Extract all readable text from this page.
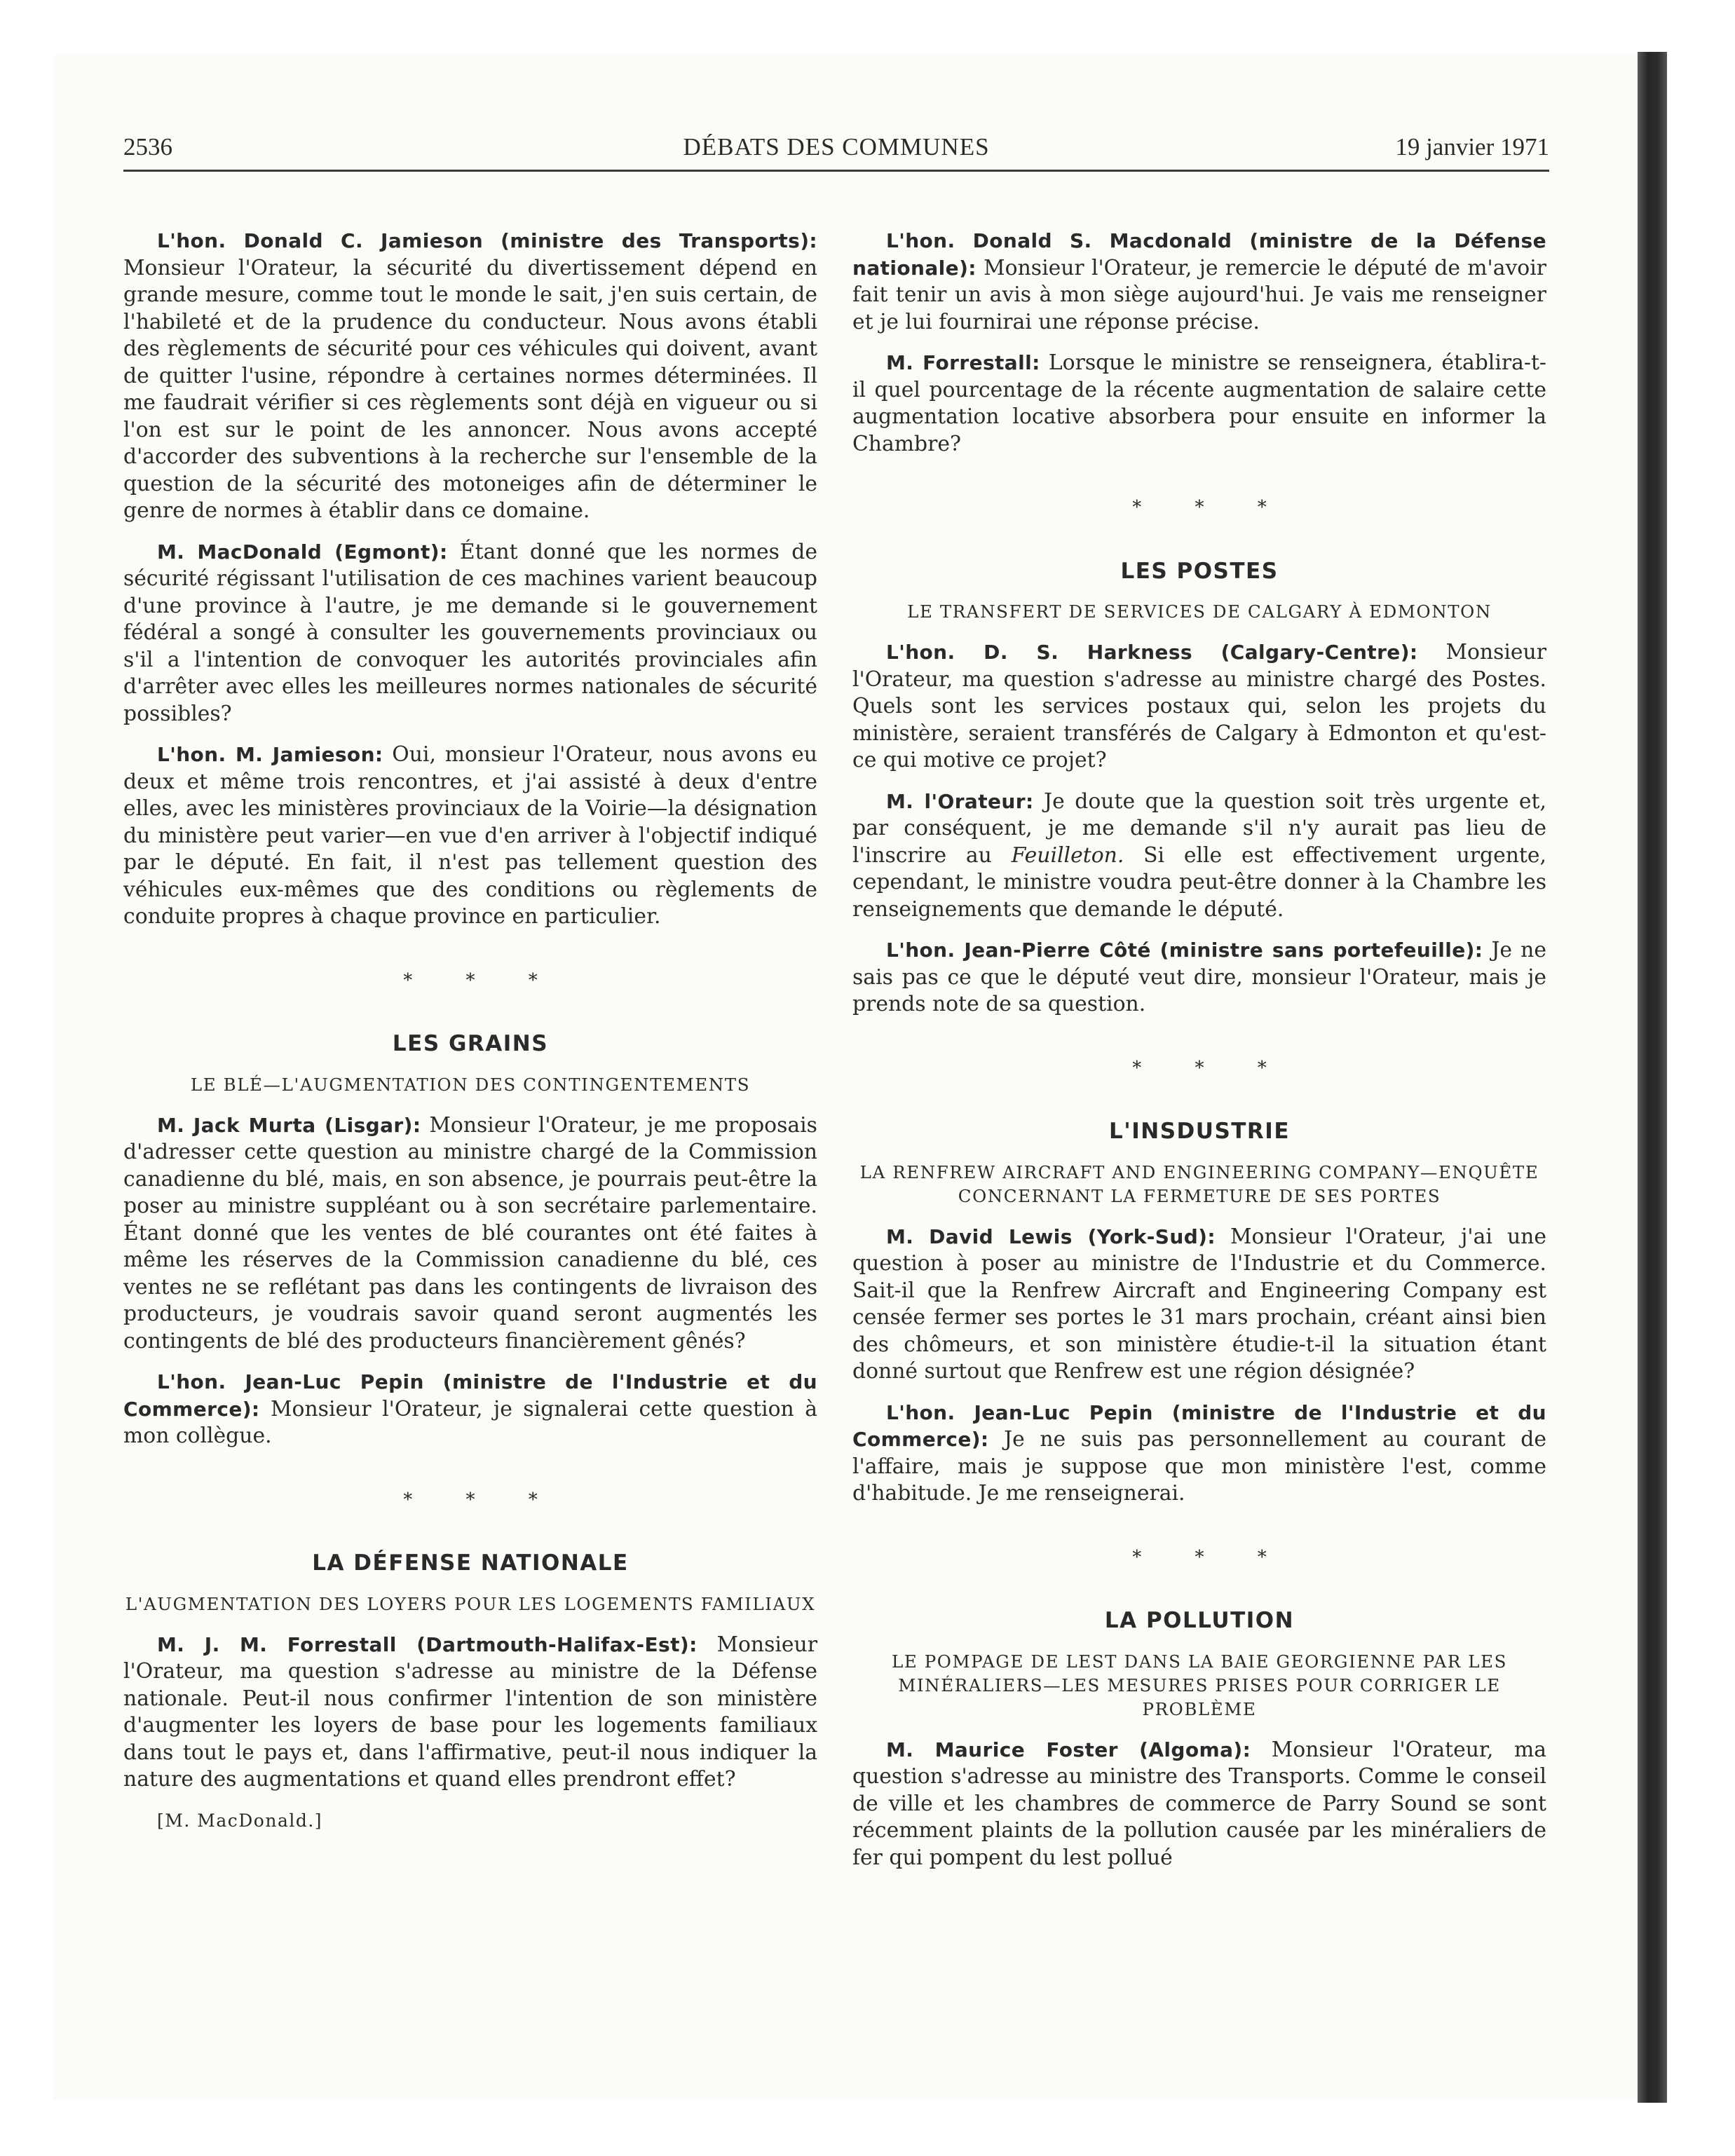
2536	DÉBATS DES COMMUNES	19 janvier 1971

L'hon. Donald C. Jamieson (ministre des Transports): Monsieur l'Orateur, la sécurité du divertissement dépend en grande mesure, comme tout le monde le sait, j'en suis certain, de l'habileté et de la prudence du conducteur. Nous avons établi des règlements de sécurité pour ces véhicules qui doivent, avant de quitter l'usine, répondre à certaines normes déterminées. Il me faudrait vérifier si ces règlements sont déjà en vigueur ou si l'on est sur le point de les annoncer. Nous avons accepté d'accorder des subventions à la recherche sur l'ensemble de la question de la sécurité des motoneiges afin de déterminer le genre de normes à établir dans ce domaine.

M. MacDonald (Egmont): Étant donné que les normes de sécurité régissant l'utilisation de ces machines varient beaucoup d'une province à l'autre, je me demande si le gouvernement fédéral a songé à consulter les gouvernements provinciaux ou s'il a l'intention de convoquer les autorités provinciales afin d'arrêter avec elles les meilleures normes nationales de sécurité possibles?

L'hon. M. Jamieson: Oui, monsieur l'Orateur, nous avons eu deux et même trois rencontres, et j'ai assisté à deux d'entre elles, avec les ministères provinciaux de la Voirie—la désignation du ministère peut varier—en vue d'en arriver à l'objectif indiqué par le député. En fait, il n'est pas tellement question des véhicules eux-mêmes que des conditions ou règlements de conduite propres à chaque province en particulier.

* * *
LES GRAINS
LE BLÉ—L'AUGMENTATION DES CONTINGENTEMENTS

M. Jack Murta (Lisgar): Monsieur l'Orateur, je me proposais d'adresser cette question au ministre chargé de la Commission canadienne du blé, mais, en son absence, je pourrais peut-être la poser au ministre suppléant ou à son secrétaire parlementaire. Étant donné que les ventes de blé courantes ont été faites à même les réserves de la Commission canadienne du blé, ces ventes ne se reflétant pas dans les contingents de livraison des producteurs, je voudrais savoir quand seront augmentés les contingents de blé des producteurs financièrement gênés?

L'hon. Jean-Luc Pepin (ministre de l'Industrie et du Commerce): Monsieur l'Orateur, je signalerai cette question à mon collègue.

* * *
LA DÉFENSE NATIONALE
L'AUGMENTATION DES LOYERS POUR LES LOGEMENTS FAMILIAUX

M. J. M. Forrestall (Dartmouth-Halifax-Est): Monsieur l'Orateur, ma question s'adresse au ministre de la Défense nationale. Peut-il nous confirmer l'intention de son ministère d'augmenter les loyers de base pour les logements familiaux dans tout le pays et, dans l'affirmative, peut-il nous indiquer la nature des augmentations et quand elles prendront effet?

[M. MacDonald.]

L'hon. Donald S. Macdonald (ministre de la Défense nationale): Monsieur l'Orateur, je remercie le député de m'avoir fait tenir un avis à mon siège aujourd'hui. Je vais me renseigner et je lui fournirai une réponse précise.

M. Forrestall: Lorsque le ministre se renseignera, établira-t-il quel pourcentage de la récente augmentation de salaire cette augmentation locative absorbera pour ensuite en informer la Chambre?

* * *
LES POSTES
LE TRANSFERT DE SERVICES DE CALGARY À EDMONTON

L'hon. D. S. Harkness (Calgary-Centre): Monsieur l'Orateur, ma question s'adresse au ministre chargé des Postes. Quels sont les services postaux qui, selon les projets du ministère, seraient transférés de Calgary à Edmonton et qu'est-ce qui motive ce projet?

M. l'Orateur: Je doute que la question soit très urgente et, par conséquent, je me demande s'il n'y aurait pas lieu de l'inscrire au Feuilleton. Si elle est effectivement urgente, cependant, le ministre voudra peut-être donner à la Chambre les renseignements que demande le député.

L'hon. Jean-Pierre Côté (ministre sans portefeuille): Je ne sais pas ce que le député veut dire, monsieur l'Orateur, mais je prends note de sa question.

* * *
L'INSDUSTRIE
LA RENFREW AIRCRAFT AND ENGINEERING COMPANY—ENQUÊTE CONCERNANT LA FERMETURE DE SES PORTES

M. David Lewis (York-Sud): Monsieur l'Orateur, j'ai une question à poser au ministre de l'Industrie et du Commerce. Sait-il que la Renfrew Aircraft and Engineering Company est censée fermer ses portes le 31 mars prochain, créant ainsi bien des chômeurs, et son ministère étudie-t-il la situation étant donné surtout que Renfrew est une région désignée?

L'hon. Jean-Luc Pepin (ministre de l'Industrie et du Commerce): Je ne suis pas personnellement au courant de l'affaire, mais je suppose que mon ministère l'est, comme d'habitude. Je me renseignerai.

* * *
LA POLLUTION
LE POMPAGE DE LEST DANS LA BAIE GEORGIENNE PAR LES MINÉRALIERS—LES MESURES PRISES POUR CORRIGER LE PROBLÈME

M. Maurice Foster (Algoma): Monsieur l'Orateur, ma question s'adresse au ministre des Transports. Comme le conseil de ville et les chambres de commerce de Parry Sound se sont récemment plaints de la pollution causée par les minéraliers de fer qui pompent du lest pollué
